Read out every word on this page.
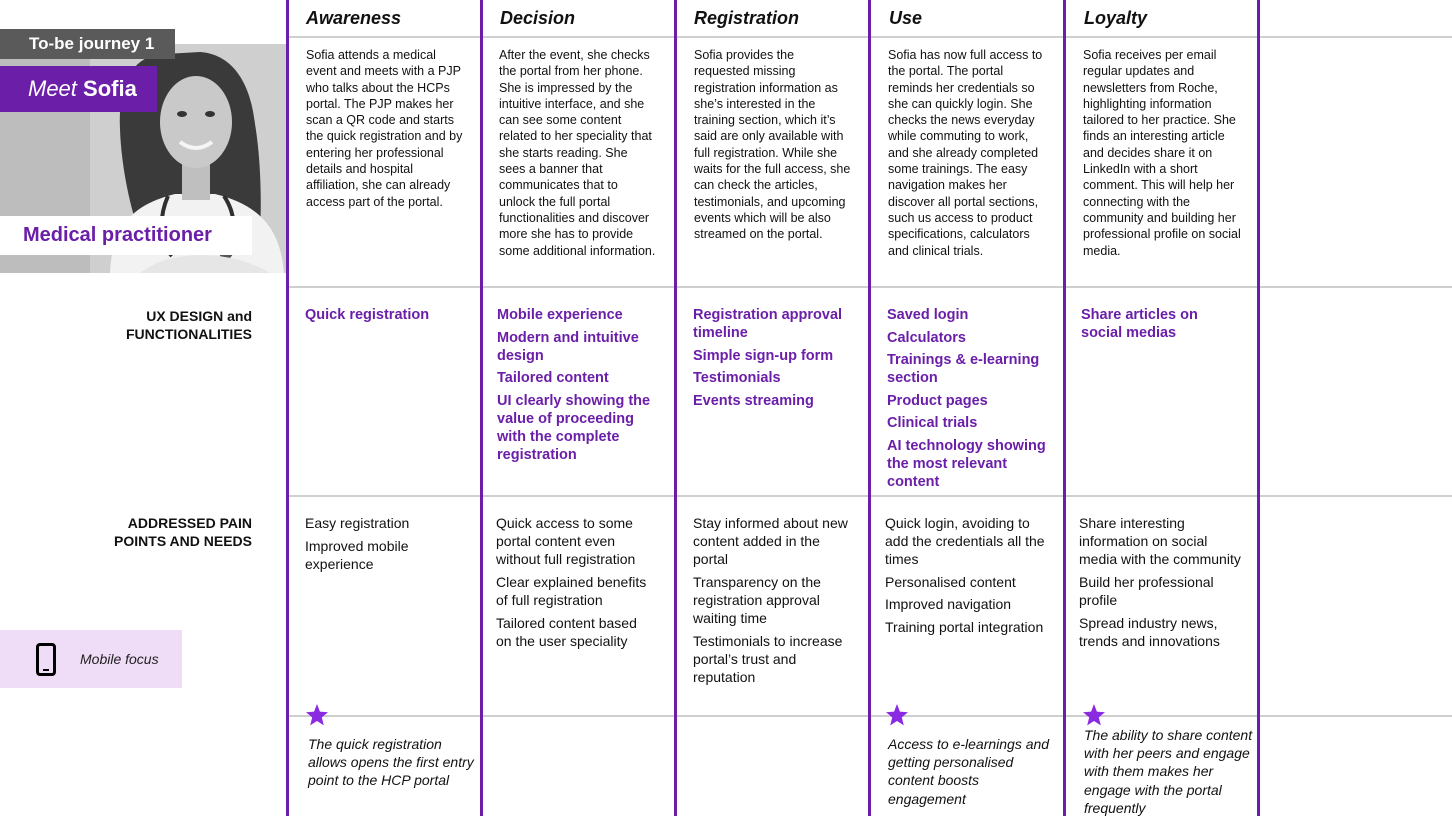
To-be journey 1
Meet Sofia
Medical practitioner
UX DESIGN and
FUNCTIONALITIES
ADDRESSED PAIN
POINTS AND NEEDS
Mobile focus
Awareness
Sofia attends a medical event and meets with a PJP who talks about the HCPs portal. The PJP makes her scan a QR code and starts the quick registration and by entering her professional details and hospital affiliation, she can already access part of the portal.
Quick registration
Easy registration
Improved mobile experience
The quick registration allows opens the first entry point to the HCP portal
Decision
After the event, she checks the portal from her phone. She is impressed by the intuitive interface, and she can see some content related to her speciality that she starts reading. She sees a banner that communicates that to unlock the full portal functionalities and discover more she has to provide some additional information.
Mobile experience
Modern and intuitive design
Tailored content
UI clearly showing the value of proceeding with the complete registration
Quick access to some portal content even without full registration
Clear explained benefits of full registration
Tailored content based on the user speciality
Registration
Sofia provides the requested missing registration information as she’s interested in the training section, which it’s said are only available with full registration. While she waits for the full access, she can check the articles, testimonials, and upcoming events which will be also streamed on the portal.
Registration approval timeline
Simple sign-up form
Testimonials
Events streaming
Stay informed about new content added in the portal
Transparency on the registration approval waiting time
Testimonials to increase portal’s trust and reputation
Use
Sofia has now full access to the portal. The portal reminds her credentials so she can quickly login. She checks the news everyday while commuting to work, and she already completed some trainings. The easy navigation makes her discover all portal sections, such us access to product specifications, calculators and clinical trials.
Saved login
Calculators
Trainings & e-learning section
Product pages
Clinical trials
AI technology showing the most relevant content
Quick login, avoiding to add the credentials all the times
Personalised content
Improved navigation
Training portal integration
Access to e-learnings and getting personalised content boosts engagement
Loyalty
Sofia receives per email regular updates and newsletters from Roche, highlighting information tailored to her practice. She finds an interesting article and decides share it on LinkedIn with a short comment. This will help her connecting with the community and building her professional profile on social media.
Share articles on social medias
Share interesting information on social media with the community
Build her professional profile
Spread industry news, trends and innovations
The ability to share content with her peers and engage with them makes her engage with the portal frequently
